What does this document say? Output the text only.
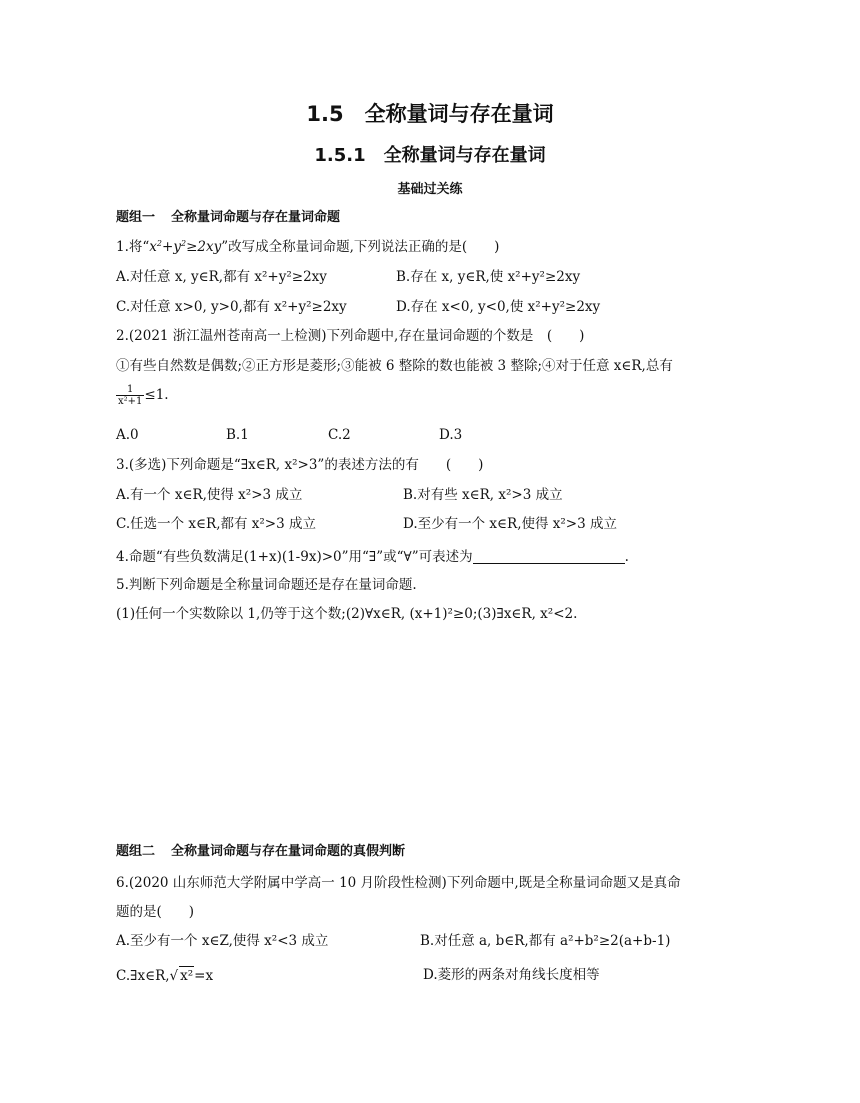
1.5　全称量词与存在量词
1.5.1　全称量词与存在量词
基础过关练
题组一 全称量词命题与存在量词命题
1.将“$x^2+y^2\ge 2xy$”改写成全称量词命题,下列说法正确的是(　　)
A.对任意 x, y∈R,都有 x²+y²≥2xy	B.存在 x, y∈R,使 x²+y²≥2xy
C.对任意 x>0, y>0,都有 x²+y²≥2xy	D.存在 x<0, y<0,使 x²+y²≥2xy
2.(2021 浙江温州苍南高一上检测)下列命题中,存在量词命题的个数是　(　　)
①有些自然数是偶数;②正方形是菱形;③能被 6 整除的数也能被 3 整除;④对于任意 x∈R,总有
$\frac{1}{\text{x²+1}} \le 1$.
A.0	B.1	C.2	D.3
3.(多选)下列命题是“∃x∈R, x²>3”的表述方法的有　　(　　)
A.有一个 x∈R,使得 x²>3 成立	B.对有些 x∈R, x²>3 成立
C.任选一个 x∈R,都有 x²>3 成立	D.至少有一个 x∈R,使得 x²>3 成立
4.命题“有些负数满足(1+x)(1-9x)>0”用“∃”或“∀”可表述为	.
5.判断下列命题是全称量词命题还是存在量词命题.
(1)任何一个实数除以 1,仍等于这个数;(2)∀x∈R, (x+1)²≥0;(3)∃x∈R, x²<2.
题组二 全称量词命题与存在量词命题的真假判断
6.(2020 山东师范大学附属中学高一 10 月阶段性检测)下列命题中,既是全称量词命题又是真命
题的是(　　)
A.至少有一个 x∈Z,使得 x²<3 成立	B.对任意 a, b∈R,都有 a²+b²≥2(a+b-1)
C.∃x∈R,√ x²=x	D.菱形的两条对角线长度相等
